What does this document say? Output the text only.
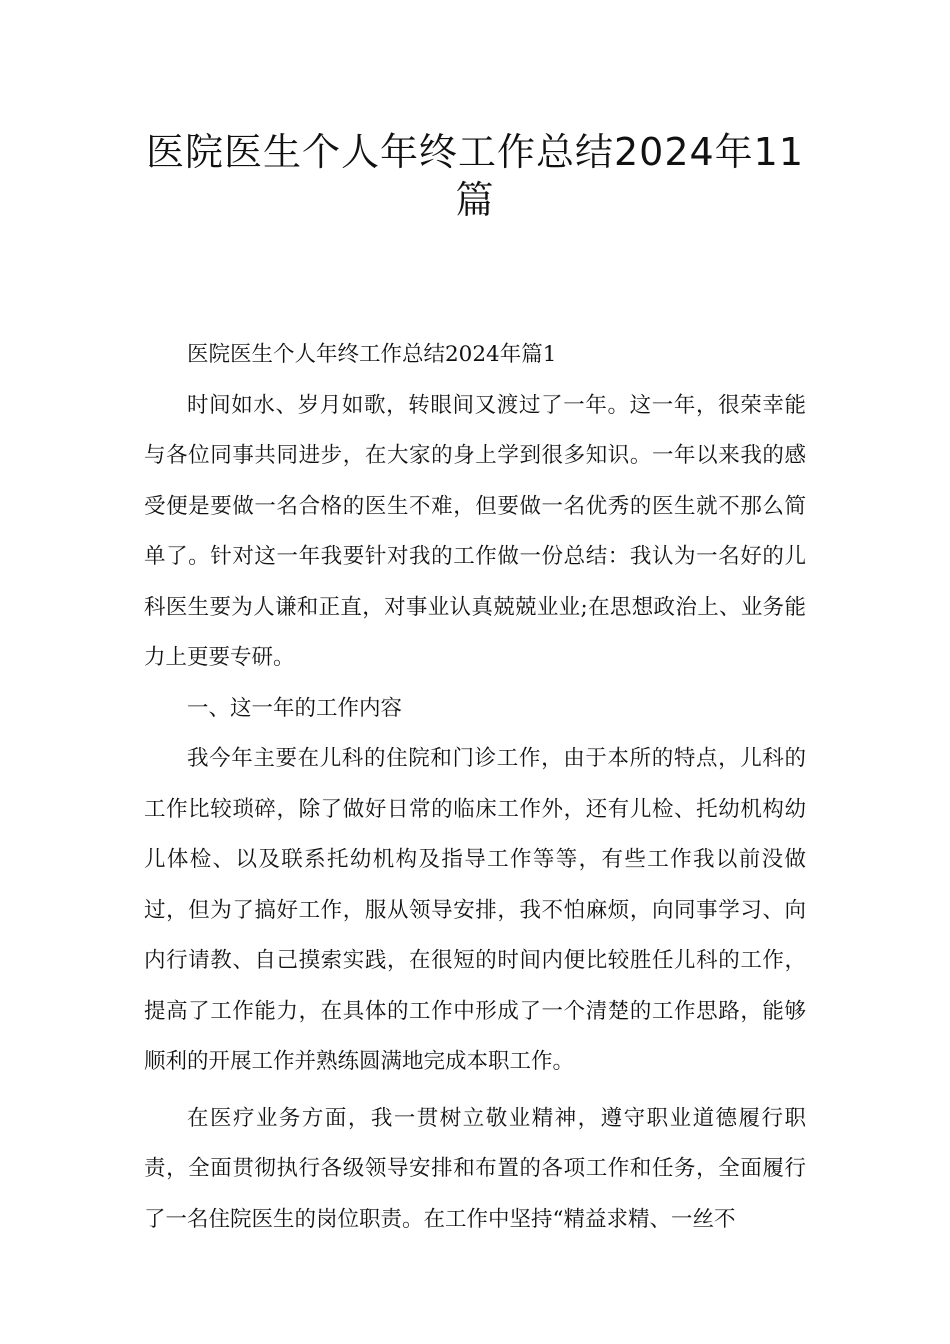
医院医生个人年终工作总结2024年11篇

医院医生个人年终工作总结2024年篇1

时间如水、岁月如歌，转眼间又渡过了一年。这一年，很荣幸能与各位同事共同进步，在大家的身上学到很多知识。一年以来我的感受便是要做一名合格的医生不难，但要做一名优秀的医生就不那么简单了。针对这一年我要针对我的工作做一份总结：我认为一名好的儿科医生要为人谦和正直，对事业认真兢兢业业;在思想政治上、业务能力上更要专研。

一、这一年的工作内容

我今年主要在儿科的住院和门诊工作，由于本所的特点，儿科的工作比较琐碎，除了做好日常的临床工作外，还有儿检、托幼机构幼儿体检、以及联系托幼机构及指导工作等等，有些工作我以前没做过，但为了搞好工作，服从领导安排，我不怕麻烦，向同事学习、向内行请教、自己摸索实践，在很短的时间内便比较胜任儿科的工作，提高了工作能力，在具体的工作中形成了一个清楚的工作思路，能够顺利的开展工作并熟练圆满地完成本职工作。

在医疗业务方面，我一贯树立敬业精神，遵守职业道德履行职责，全面贯彻执行各级领导安排和布置的各项工作和任务，全面履行了一名住院医生的岗位职责。在工作中坚持“精益求精、一丝不
